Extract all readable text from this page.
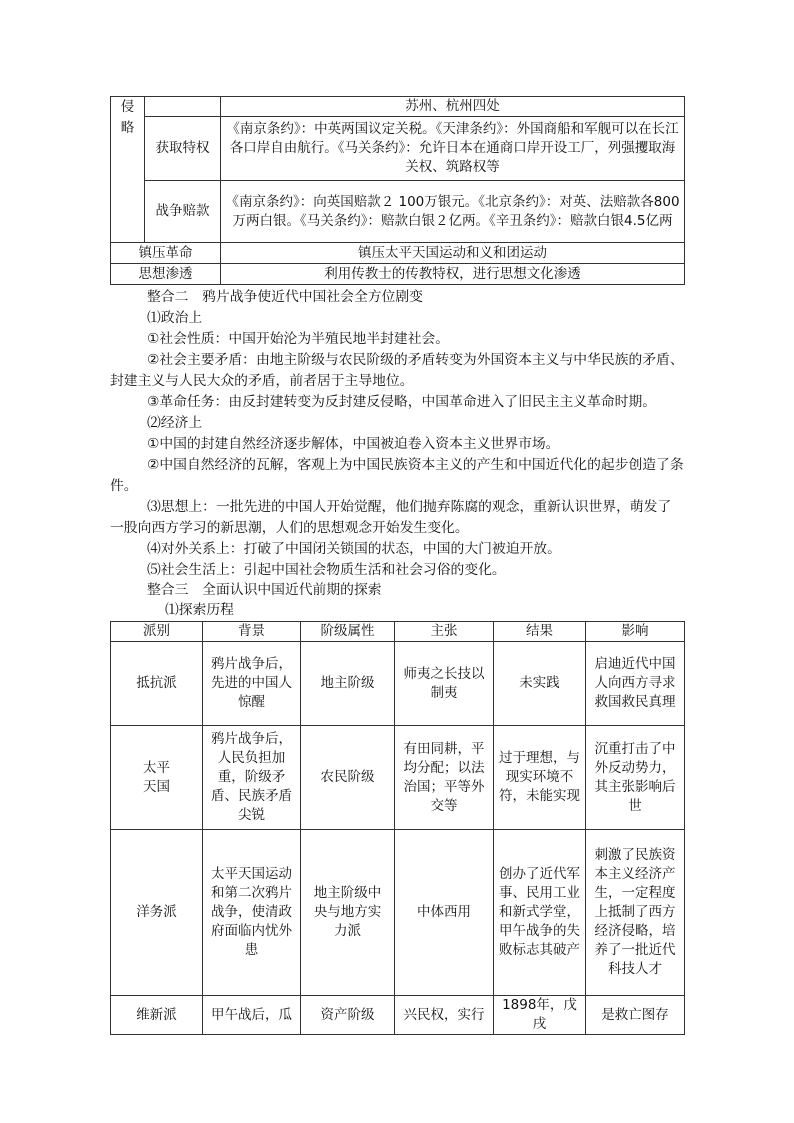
侵略		苏州、杭州四处
	获取特权	《南京条约》：中英两国议定关税。《天津条约》：外国商船和军舰可以在长江各口岸自由航行。《马关条约》：允许日本在通商口岸开设工厂，列强攫取海关权、筑路权等
	战争赔款	《南京条约》：向英国赔款２ 100万银元。《北京条约》：对英、法赔款各800万两白银。《马关条约》：赔款白银２亿两。《辛丑条约》：赔款白银4.5亿两
镇压革命		镇压太平天国运动和义和团运动
思想渗透		利用传教士的传教特权，进行思想文化渗透
整合二　鸦片战争使近代中国社会全方位剧变
⑴政治上
①社会性质：中国开始沦为半殖民地半封建社会。
②社会主要矛盾：由地主阶级与农民阶级的矛盾转变为外国资本主义与中华民族的矛盾、封建主义与人民大众的矛盾，前者居于主导地位。
③革命任务：由反封建转变为反封建反侵略，中国革命进入了旧民主主义革命时期。
⑵经济上
①中国的封建自然经济逐步解体，中国被迫卷入资本主义世界市场。
②中国自然经济的瓦解，客观上为中国民族资本主义的产生和中国近代化的起步创造了条件。
⑶思想上：一批先进的中国人开始觉醒，他们抛弃陈腐的观念，重新认识世界，萌发了一股向西方学习的新思潮，人们的思想观念开始发生变化。
⑷对外关系上：打破了中国闭关锁国的状态，中国的大门被迫开放。
⑸社会生活上：引起中国社会物质生活和社会习俗的变化。
整合三　全面认识中国近代前期的探索
⑴探索历程
派别	背景	阶级属性	主张	结果	影响
抵抗派	鸦片战争后，先进的中国人惊醒	地主阶级	师夷之长技以制夷	未实践	启迪近代中国人向西方寻求救国救民真理

太平天国	鸦片战争后，人民负担加重，阶级矛盾、民族矛盾尖锐	农民阶级	有田同耕，平均分配；以法治国；平等外交等	过于理想，与现实环境不符，未能实现	沉重打击了中外反动势力，其主张影响后世
洋务派	太平天国运动和第二次鸦片战争，使清政府面临内忧外患	地主阶级中央与地方实力派	中体西用	创办了近代军事、民用工业和新式学堂，甲午战争的失败标志其破产	刺激了民族资本主义经济产生，一定程度上抵制了西方经济侵略，培养了一批近代科技人才
维新派	甲午战后，瓜	资产阶级	兴民权，实行	1898年，戊戌	是救亡图存
